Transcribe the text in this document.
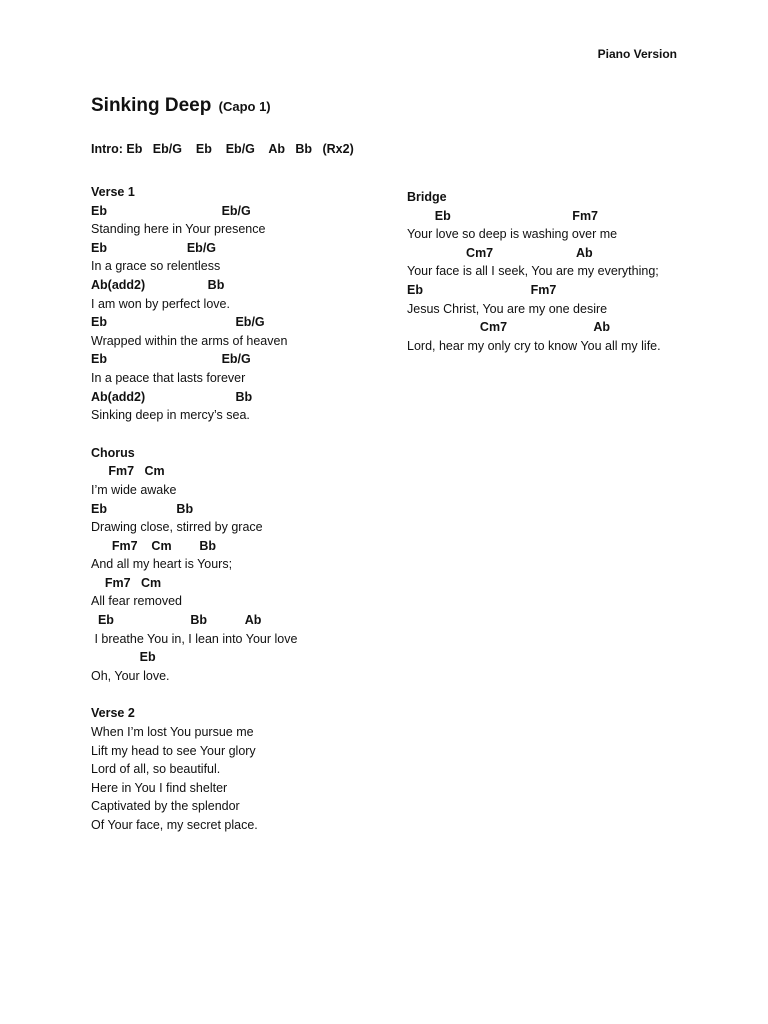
Piano Version
Sinking Deep (Capo 1)
Intro: Eb   Eb/G    Eb    Eb/G    Ab   Bb   (Rx2)
Verse 1
Eb                                 Eb/G
Standing here in Your presence
Eb                       Eb/G
In a grace so relentless
Ab(add2)                  Bb
I am won by perfect love.
Eb                                     Eb/G
Wrapped within the arms of heaven
Eb                                 Eb/G
In a peace that lasts forever
Ab(add2)                          Bb
Sinking deep in mercy’s sea.
Chorus
Fm7   Cm
I’m wide awake
Eb                    Bb
Drawing close, stirred by grace
Fm7    Cm        Bb
And all my heart is Yours;
Fm7   Cm
All fear removed
Eb                      Bb           Ab
I breathe You in, I lean into Your love
Eb
Oh, Your love.
Verse 2
When I’m lost You pursue me
Lift my head to see Your glory
Lord of all, so beautiful.
Here in You I find shelter
Captivated by the splendor
Of Your face, my secret place.
Bridge
Eb                                   Fm7
Your love so deep is washing over me
Cm7                        Ab
Your face is all I seek, You are my everything;
Eb                               Fm7
Jesus Christ, You are my one desire
Cm7                         Ab
Lord, hear my only cry to know You all my life.
